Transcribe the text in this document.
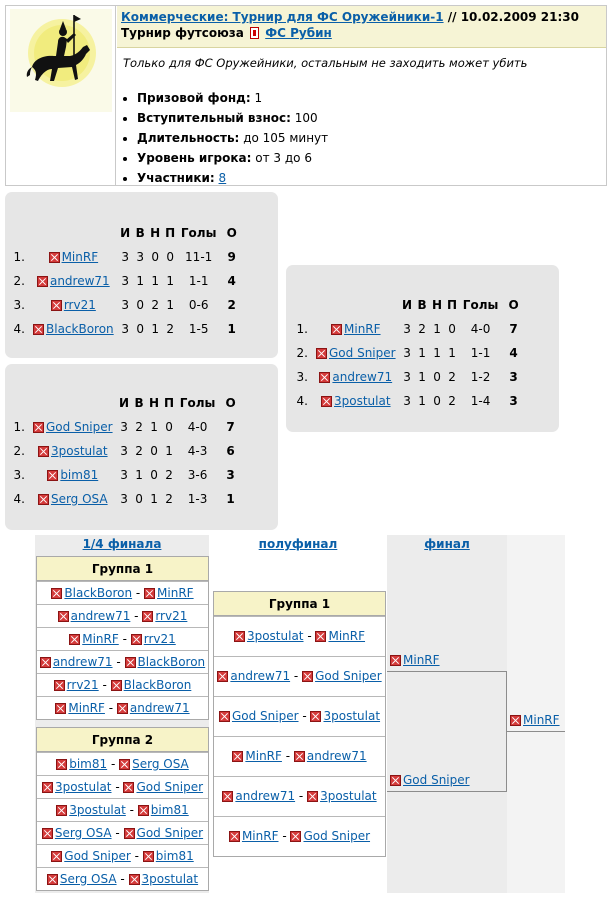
Коммерческие: Турнир для ФС Оружейники-1 // 10.02.2009 21:30
Турнир футсоюза ФС Рубин
Только для ФС Оружейники, остальным не заходить может убить
• Призовой фонд: 1
• Вступительный взнос: 100
• Длительность: до 105 минут
• Уровень игрока: от 3 до 6
• Участники: 8
		И	В	Н	П	Голы	О
1.	MinRF	3	3	0	0	11-1	9
2.	andrew71	3	1	1	1	1-1	4
3.	rrv21	3	0	2	1	0-6	2
4.	BlackBoron	3	0	1	2	1-5	1
		И	В	Н	П	Голы	О
1.	God Sniper	3	2	1	0	4-0	7
2.	3postulat	3	2	0	1	4-3	6
3.	bim81	3	1	0	2	3-6	3
4.	Serg OSA	3	0	1	2	1-3	1
		И	В	Н	П	Голы	О
1.	MinRF	3	2	1	0	4-0	7
2.	God Sniper	3	1	1	1	1-1	4
3.	andrew71	3	1	0	2	1-2	3
4.	3postulat	3	1	0	2	1-4	3
1/4 финала	полуфинал	финал
Группа 1
BlackBoron - MinRF
andrew71 - rrv21
MinRF - rrv21
andrew71 - BlackBoron
rrv21 - BlackBoron
MinRF - andrew71
Группа 2
bim81 - Serg OSA
3postulat - God Sniper
3postulat - bim81
Serg OSA - God Sniper
God Sniper - bim81
Serg OSA - 3postulat
Группа 1
3postulat - MinRF
andrew71 - God Sniper
God Sniper - 3postulat
MinRF - andrew71
andrew71 - 3postulat
MinRF - God Sniper
MinRF
God Sniper
MinRF
